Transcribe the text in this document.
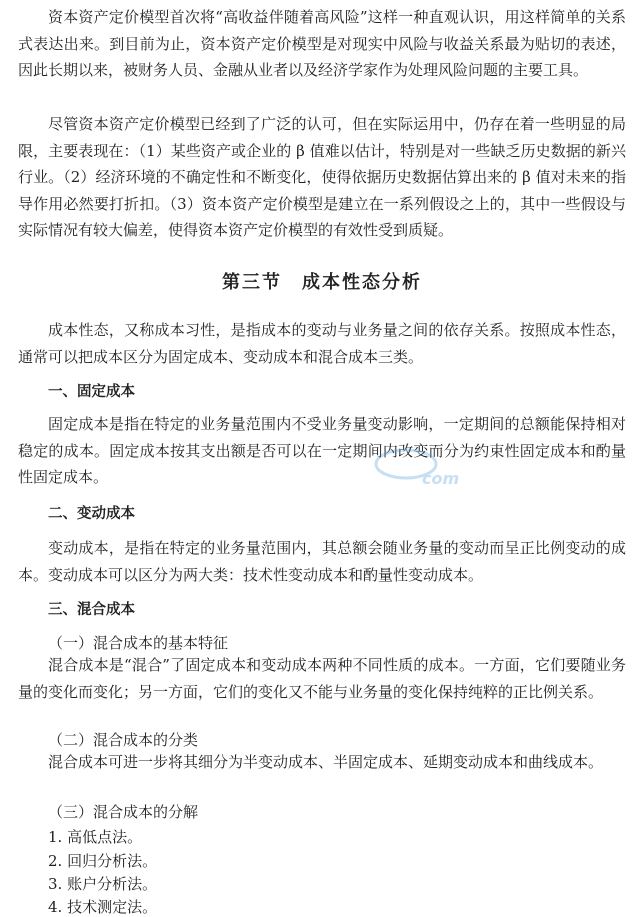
资本资产定价模型首次将“高收益伴随着高风险”这样一种直观认识，用这样简单的关系式表达出来。到目前为止，资本资产定价模型是对现实中风险与收益关系最为贴切的表述，因此长期以来，被财务人员、金融从业者以及经济学家作为处理风险问题的主要工具。

尽管资本资产定价模型已经到了广泛的认可，但在实际运用中，仍存在着一些明显的局限，主要表现在：（1）某些资产或企业的 β 值难以估计，特别是对一些缺乏历史数据的新兴行业。（2）经济环境的不确定性和不断变化，使得依据历史数据估算出来的 β 值对未来的指导作用必然要打折扣。（3）资本资产定价模型是建立在一系列假设之上的，其中一些假设与实际情况有较大偏差，使得资本资产定价模型的有效性受到质疑。

第三节　成本性态分析

成本性态，又称成本习性，是指成本的变动与业务量之间的依存关系。按照成本性态，通常可以把成本区分为固定成本、变动成本和混合成本三类。

一、固定成本

固定成本是指在特定的业务量范围内不受业务量变动影响，一定期间的总额能保持相对稳定的成本。固定成本按其支出额是否可以在一定期间内改变而分为约束性固定成本和酌量性固定成本。

二、变动成本

变动成本，是指在特定的业务量范围内，其总额会随业务量的变动而呈正比例变动的成本。变动成本可以区分为两大类：技术性变动成本和酌量性变动成本。

三、混合成本

（一）混合成本的基本特征

混合成本是“混合”了固定成本和变动成本两种不同性质的成本。一方面，它们要随业务量的变化而变化；另一方面，它们的变化又不能与业务量的变化保持纯粹的正比例关系。

（二）混合成本的分类

混合成本可进一步将其细分为半变动成本、半固定成本、延期变动成本和曲线成本。

（三）混合成本的分解

1. 高低点法。

2. 回归分析法。

3. 账户分析法。

4. 技术测定法。

com
